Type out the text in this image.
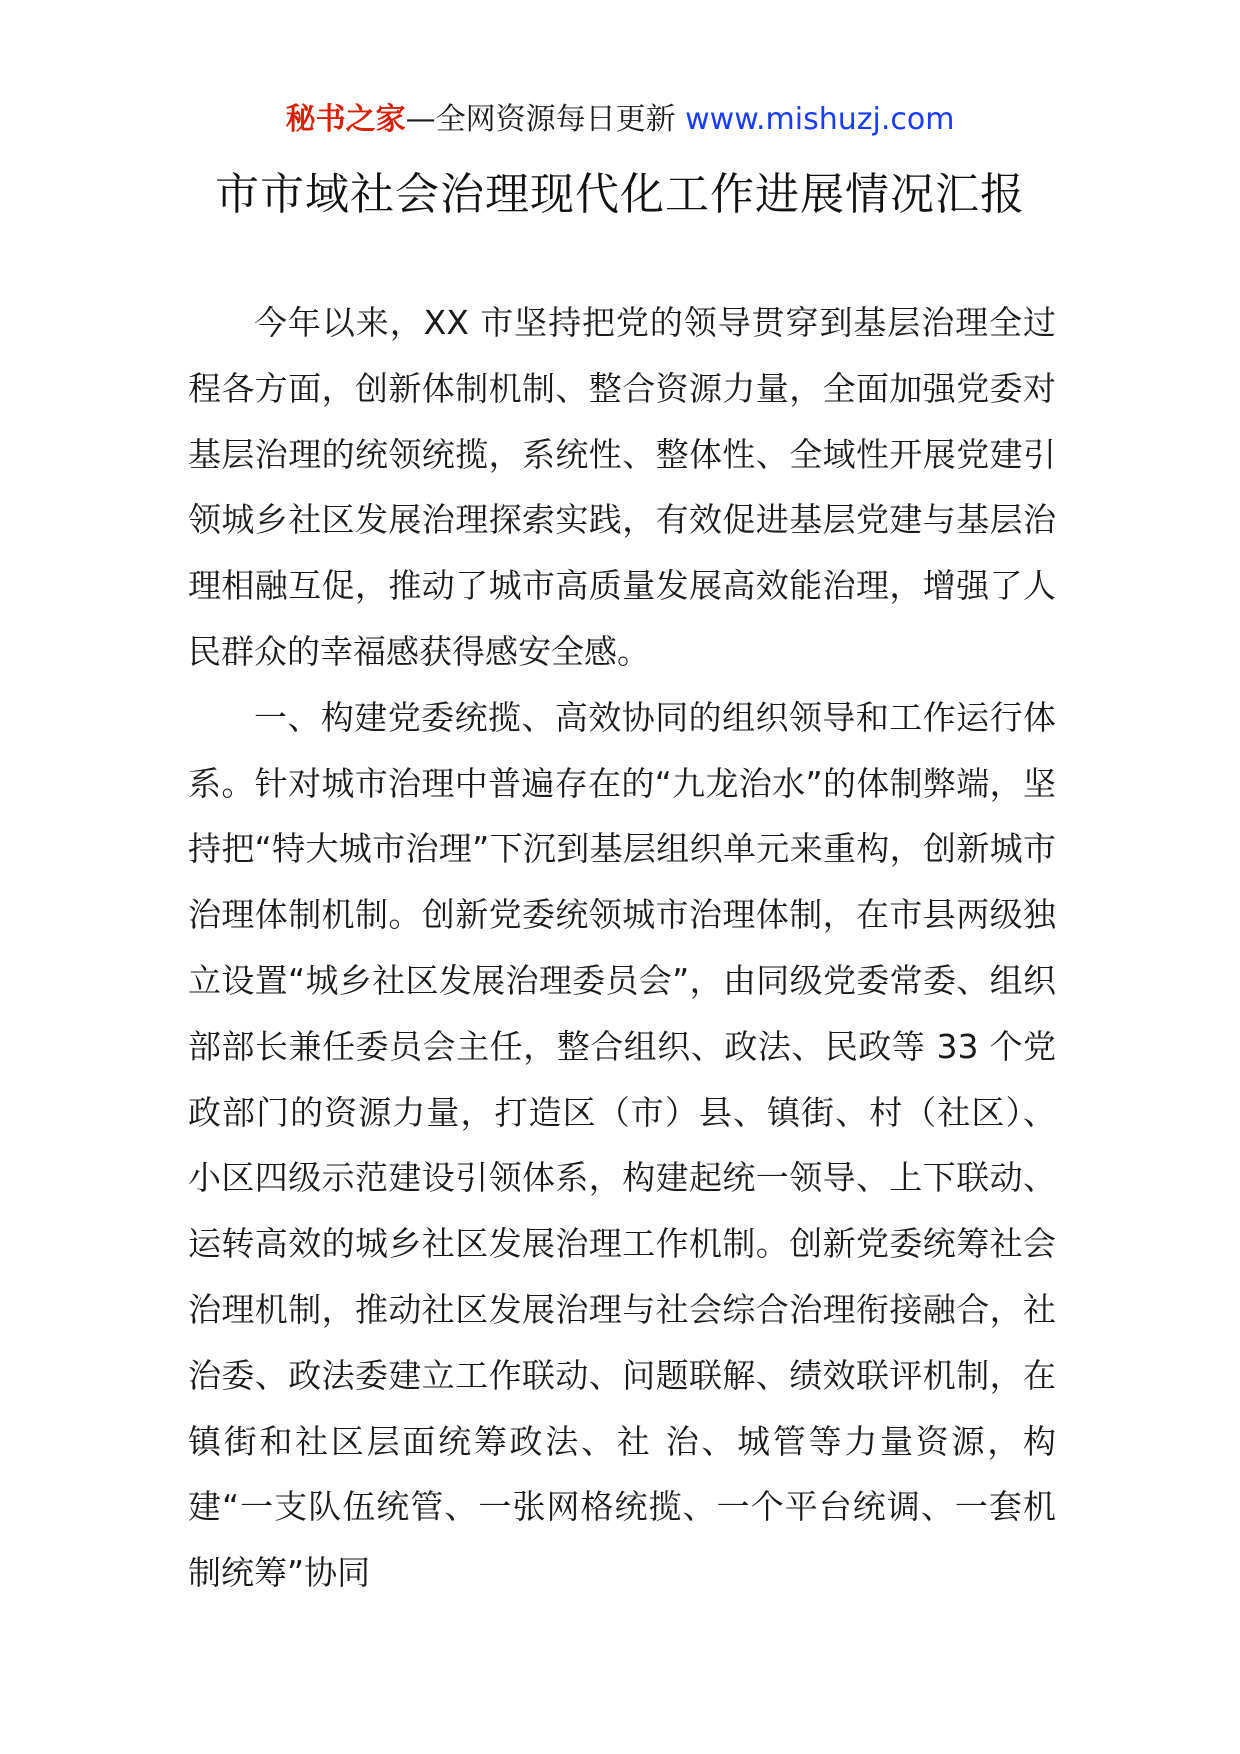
秘书之家—全网资源每日更新 www.mishuzj.com
市市域社会治理现代化工作进展情况汇报

今年以来，XX 市坚持把党的领导贯穿到基层治理全过程各方面，创新体制机制、整合资源力量，全面加强党委对基层治理的统领统揽，系统性、整体性、全域性开展党建引领城乡社区发展治理探索实践，有效促进基层党建与基层治理相融互促，推动了城市高质量发展高效能治理，增强了人民群众的幸福感获得感安全感。

一、构建党委统揽、高效协同的组织领导和工作运行体系。针对城市治理中普遍存在的“九龙治水”的体制弊端，坚持把“特大城市治理”下沉到基层组织单元来重构，创新城市治理体制机制。创新党委统领城市治理体制，在市县两级独立设置“城乡社区发展治理委员会”，由同级党委常委、组织部部长兼任委员会主任，整合组织、政法、民政等 33 个党政部门的资源力量，打造区（市）县、镇街、村（社区）、小区四级示范建设引领体系，构建起统一领导、上下联动、运转高效的城乡社区发展治理工作机制。创新党委统筹社会治理机制，推动社区发展治理与社会综合治理衔接融合，社治委、政法委建立工作联动、问题联解、绩效联评机制，在镇街和社区层面统筹政法、社 治、城管等力量资源，构建“一支队伍统管、一张网格统揽、一个平台统调、一套机制统筹”协同
